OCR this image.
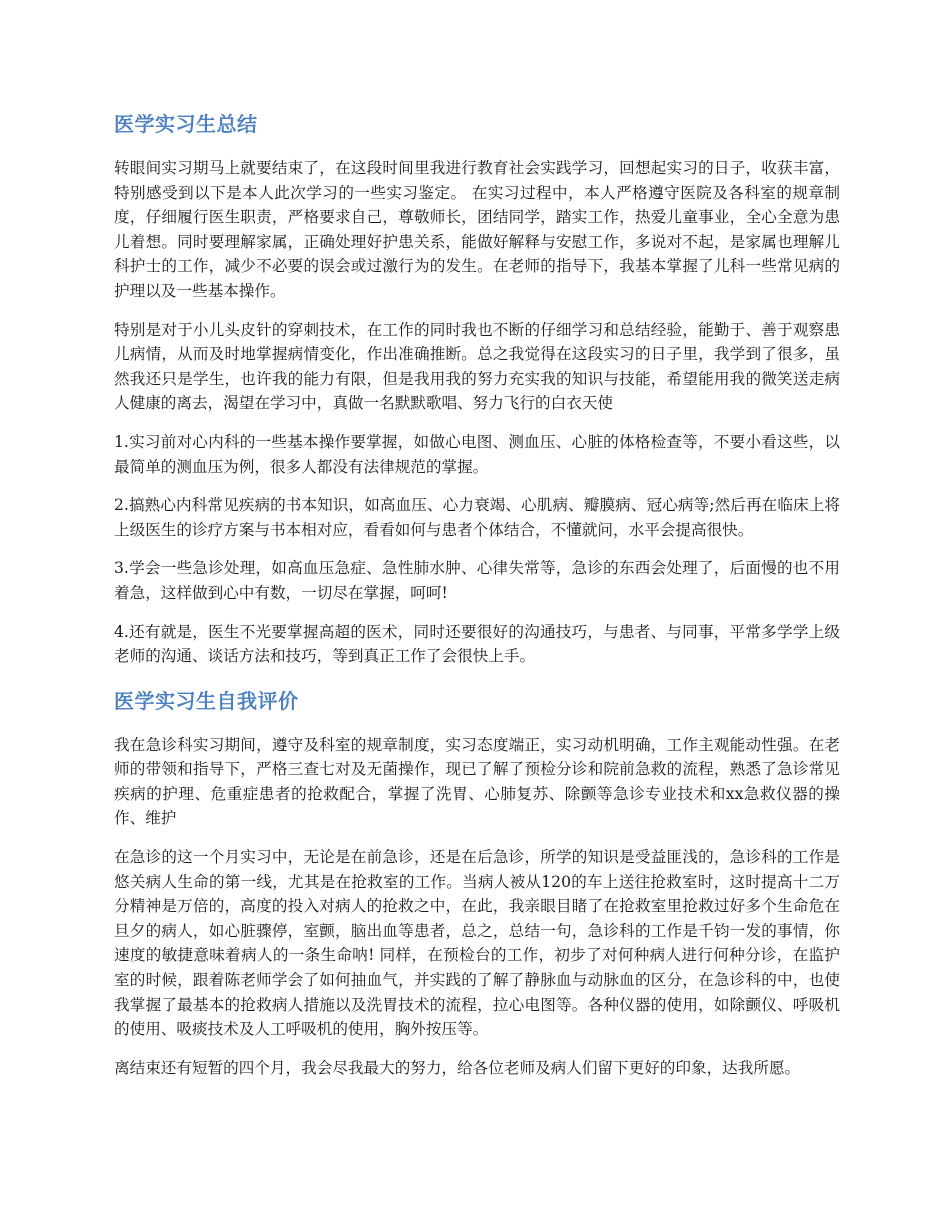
医学实习生总结

转眼间实习期马上就要结束了，在这段时间里我进行教育社会实践学习，回想起实习的日子，收获丰富，特别感受到以下是本人此次学习的一些实习鉴定。 在实习过程中，本人严格遵守医院及各科室的规章制度，仔细履行医生职责，严格要求自己，尊敬师长，团结同学，踏实工作，热爱儿童事业，全心全意为患儿着想。同时要理解家属，正确处理好护患关系，能做好解释与安慰工作，多说对不起，是家属也理解儿科护士的工作，减少不必要的误会或过激行为的发生。在老师的指导下，我基本掌握了儿科一些常见病的护理以及一些基本操作。

特别是对于小儿头皮针的穿刺技术，在工作的同时我也不断的仔细学习和总结经验，能勤于、善于观察患儿病情，从而及时地掌握病情变化，作出准确推断。总之我觉得在这段实习的日子里，我学到了很多，虽然我还只是学生，也许我的能力有限，但是我用我的努力充实我的知识与技能，希望能用我的微笑送走病人健康的离去，渴望在学习中，真做一名默默歌唱、努力飞行的白衣天使

1.实习前对心内科的一些基本操作要掌握，如做心电图、测血压、心脏的体格检查等，不要小看这些，以最简单的测血压为例，很多人都没有法律规范的掌握。

2.搞熟心内科常见疾病的书本知识，如高血压、心力衰竭、心肌病、瓣膜病、冠心病等;然后再在临床上将上级医生的诊疗方案与书本相对应，看看如何与患者个体结合，不懂就问，水平会提高很快。

3.学会一些急诊处理，如高血压急症、急性肺水肿、心律失常等，急诊的东西会处理了，后面慢的也不用着急，这样做到心中有数，一切尽在掌握，呵呵!

4.还有就是，医生不光要掌握高超的医术，同时还要很好的沟通技巧，与患者、与同事，平常多学学上级老师的沟通、谈话方法和技巧，等到真正工作了会很快上手。

医学实习生自我评价

我在急诊科实习期间，遵守及科室的规章制度，实习态度端正，实习动机明确，工作主观能动性强。在老师的带领和指导下，严格三查七对及无菌操作，现已了解了预检分诊和院前急救的流程，熟悉了急诊常见疾病的护理、危重症患者的抢救配合，掌握了洗胃、心肺复苏、除颤等急诊专业技术和xx急救仪器的操作、维护

在急诊的这一个月实习中，无论是在前急诊，还是在后急诊，所学的知识是受益匪浅的，急诊科的工作是悠关病人生命的第一线，尤其是在抢救室的工作。当病人被从120的车上送往抢救室时，这时提高十二万分精神是万倍的，高度的投入对病人的抢救之中，在此，我亲眼目睹了在抢救室里抢救过好多个生命危在旦夕的病人，如心脏骤停，室颤，脑出血等患者，总之，总结一句，急诊科的工作是千钧一发的事情，你速度的敏捷意味着病人的一条生命呐! 同样，在预检台的工作，初步了对何种病人进行何种分诊，在监护室的时候，跟着陈老师学会了如何抽血气，并实践的了解了静脉血与动脉血的区分，在急诊科的中，也使我掌握了最基本的抢救病人措施以及洗胃技术的流程，拉心电图等。各种仪器的使用，如除颤仪、呼吸机的使用、吸痰技术及人工呼吸机的使用，胸外按压等。

离结束还有短暂的四个月，我会尽我最大的努力，给各位老师及病人们留下更好的印象，达我所愿。
